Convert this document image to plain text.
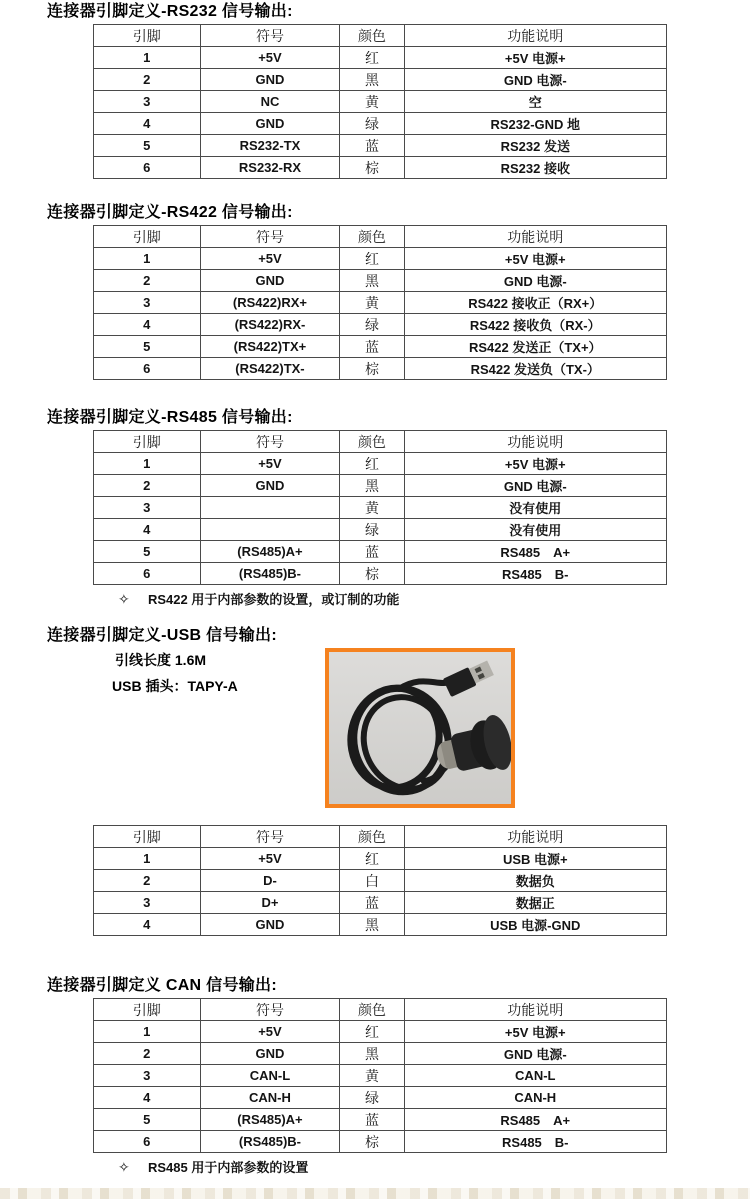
连接器引脚定义-RS232 信号输出:
引脚	符号	颜色	功能说明
1	+5V	红	+5V 电源+
2	GND	黑	GND 电源-
3	NC	黄	空
4	GND	绿	RS232-GND 地
5	RS232-TX	蓝	RS232 发送
6	RS232-RX	棕	RS232 接收
连接器引脚定义-RS422 信号输出:
引脚	符号	颜色	功能说明
1	+5V	红	+5V 电源+
2	GND	黑	GND 电源-
3	(RS422)RX+	黄	RS422 接收正（RX+）
4	(RS422)RX-	绿	RS422 接收负（RX-）
5	(RS422)TX+	蓝	RS422 发送正（TX+）
6	(RS422)TX-	棕	RS422 发送负（TX-）
连接器引脚定义-RS485 信号输出:
引脚	符号	颜色	功能说明
1	+5V	红	+5V 电源+
2	GND	黑	GND 电源-
3		黄	没有使用
4		绿	没有使用
5	(RS485)A+	蓝	RS485　A+
6	(RS485)B-	棕	RS485　B-

✧ RS422 用于内部参数的设置，或订制的功能

连接器引脚定义-USB 信号输出:

引线长度 1.6M

USB 插头：TAPY-A

引脚	符号	颜色	功能说明
1	+5V	红	USB 电源+
2	D-	白	数据负
3	D+	蓝	数据正
4	GND	黑	USB 电源-GND
连接器引脚定义 CAN 信号输出:
引脚	符号	颜色	功能说明
1	+5V	红	+5V 电源+
2	GND	黑	GND 电源-
3	CAN-L	黄	CAN-L
4	CAN-H	绿	CAN-H
5	(RS485)A+	蓝	RS485　A+
6	(RS485)B-	棕	RS485　B-

✧ RS485 用于内部参数的设置
